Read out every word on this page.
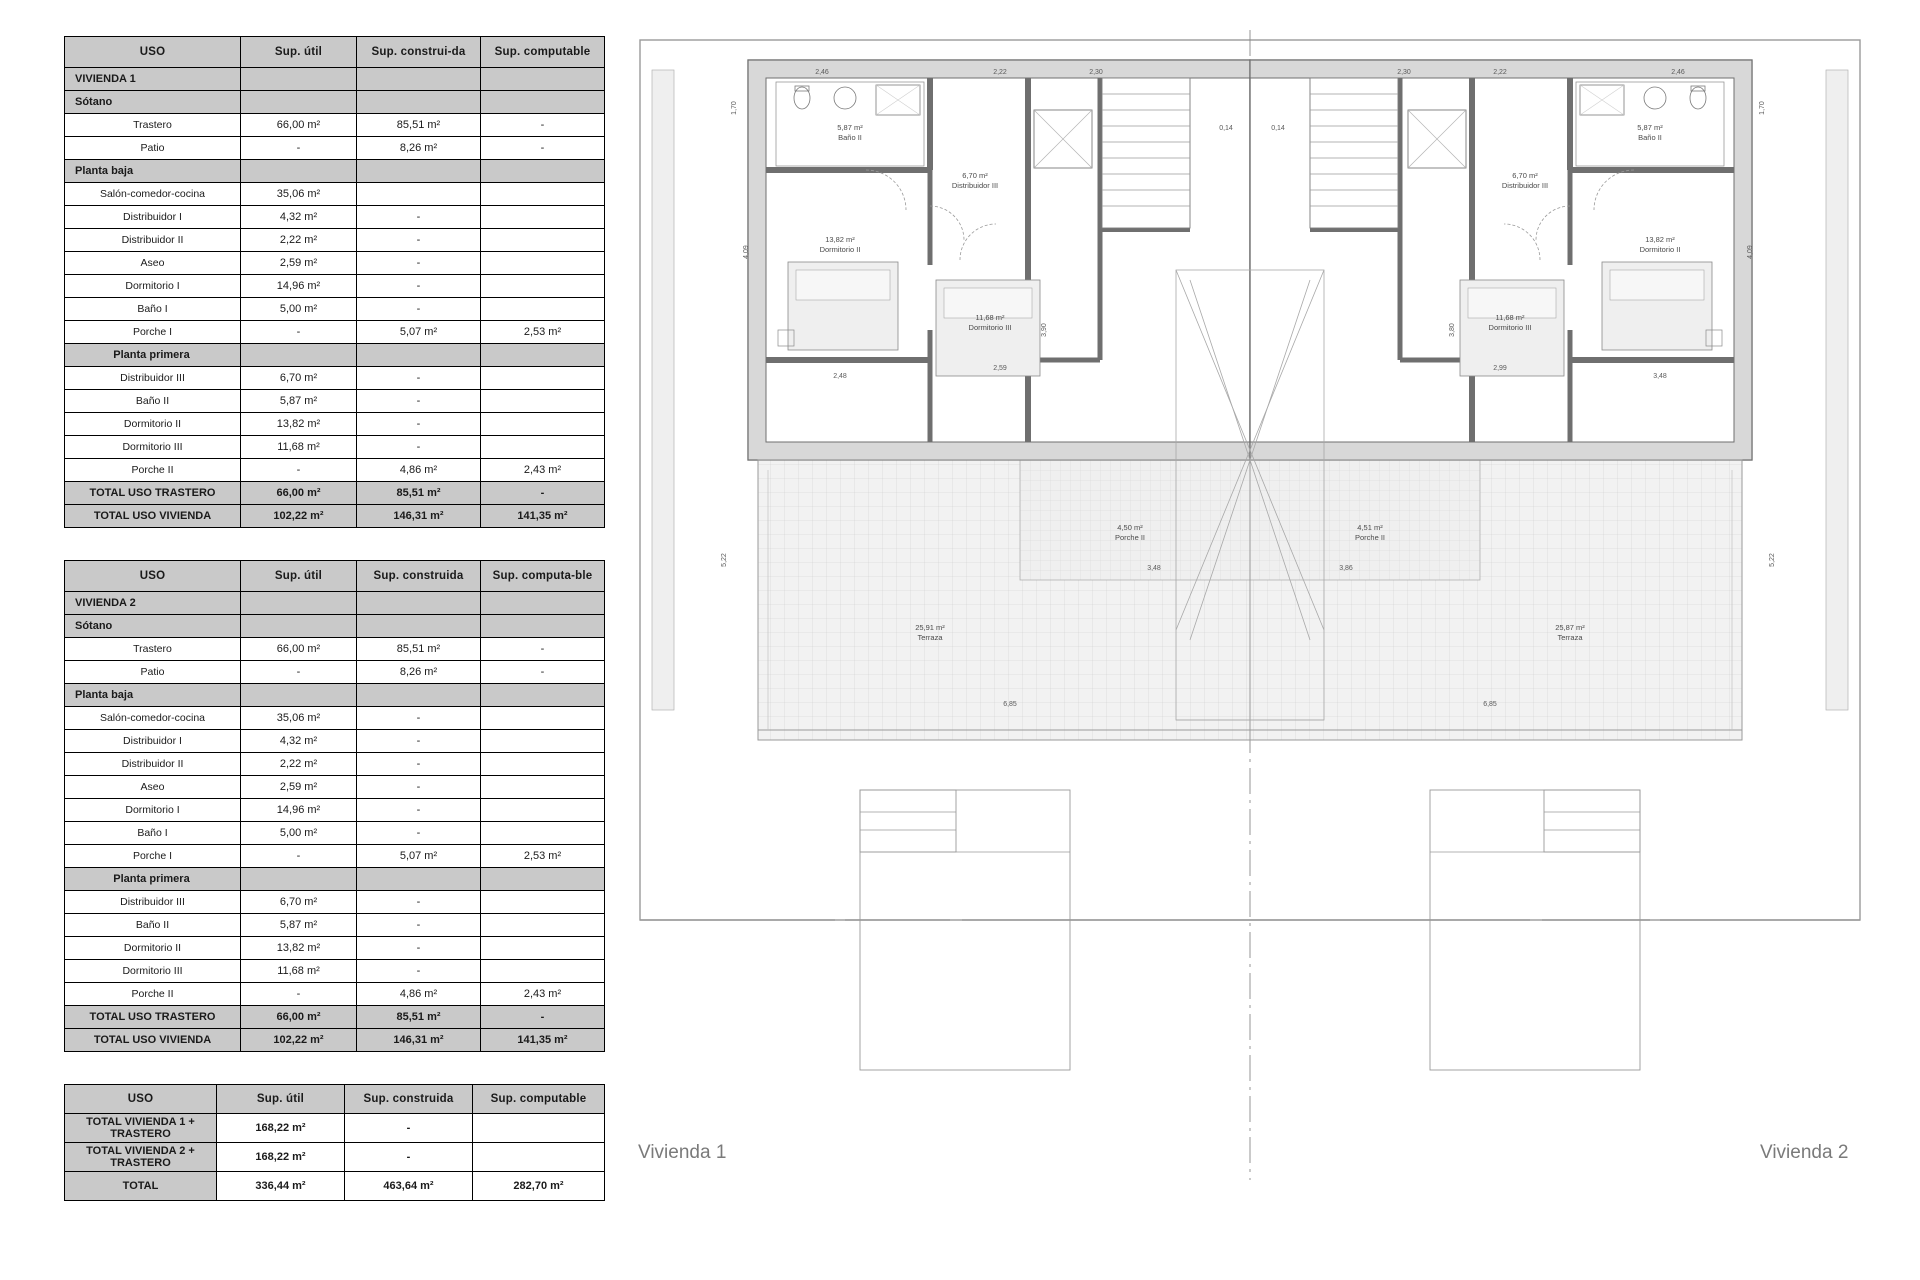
USO	Sup. útil	Sup. construi-da	Sup. computable
VIVIENDA 1			
Sótano			
Trastero	66,00 m²	85,51 m²	-
Patio	-	8,26 m²	-
Planta baja			
Salón-comedor-cocina	35,06 m²		
Distribuidor I	4,32 m²	-	
Distribuidor II	2,22 m²	-	
Aseo	2,59 m²	-	
Dormitorio I	14,96 m²	-	
Baño I	5,00 m²	-	
Porche I	-	5,07 m²	2,53 m²
Planta primera			
Distribuidor III	6,70 m²	-	
Baño II	5,87 m²	-	
Dormitorio II	13,82 m²	-	
Dormitorio III	11,68 m²	-	
Porche II	-	4,86 m²	2,43 m²
TOTAL USO TRASTERO	66,00 m²	85,51 m²	-
TOTAL USO VIVIENDA	102,22 m²	146,31 m²	141,35 m²
USO	Sup. útil	Sup. construida	Sup. computa-ble
VIVIENDA 2			
Sótano			
Trastero	66,00 m²	85,51 m²	-
Patio	-	8,26 m²	-
Planta baja			
Salón-comedor-cocina	35,06 m²	-	
Distribuidor I	4,32 m²	-	
Distribuidor II	2,22 m²	-	
Aseo	2,59 m²	-	
Dormitorio I	14,96 m²	-	
Baño I	5,00 m²	-	
Porche I	-	5,07 m²	2,53 m²
Planta primera			
Distribuidor III	6,70 m²	-	
Baño II	5,87 m²	-	
Dormitorio II	13,82 m²	-	
Dormitorio III	11,68 m²	-	
Porche II	-	4,86 m²	2,43 m²
TOTAL USO TRASTERO	66,00 m²	85,51 m²	-
TOTAL USO VIVIENDA	102,22 m²	146,31 m²	141,35 m²
USO	Sup. útil	Sup. construida	Sup. computable
TOTAL VIVIENDA 1 + TRASTERO	168,22 m²	-	
TOTAL VIVIENDA 2 + TRASTERO	168,22 m²	-	
TOTAL	336,44 m²	463,64 m²	282,70 m²
5,87 m²
Baño II
6,70 m²
Distribuidor III
13,82 m²
Dormitorio II
11,68 m²
Dormitorio III
4,50 m²
Porche II
25,91 m²
Terraza
5,87 m²
Baño II
6,70 m²
Distribuidor III
13,82 m²
Dormitorio II
11,68 m²
Dormitorio III
4,51 m²
Porche II
25,87 m²
Terraza
2,46	2,22	2,30
1,70
4,09
2,48
2,59
3,90
5,22
3,48
6,85
2,46
2,22
2,30
1,70
4,09
3,48
2,99
3,80
5,22
3,86
6,85
0,14	0,14
Vivienda 1	Vivienda 2
